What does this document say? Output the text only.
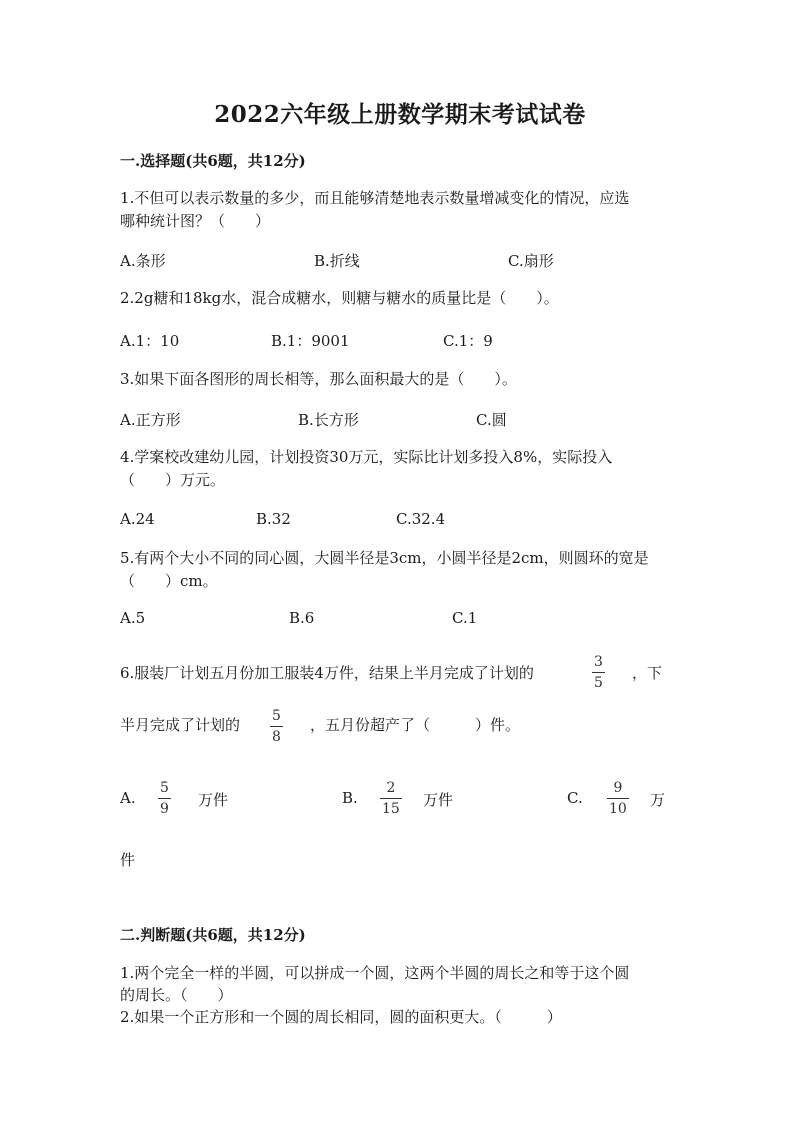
2022六年级上册数学期末考试试卷
一.选择题(共6题，共12分)
1.不但可以表示数量的多少，而且能够清楚地表示数量增减变化的情况，应选
哪种统计图？（　　）
A.条形	B.折线	C.扇形
2.2g糖和18kg水，混合成糖水，则糖与糖水的质量比是（　　）。
A.1：10	B.1：9001	C.1：9
3.如果下面各图形的周长相等，那么面积最大的是（　　）。
A.正方形	B.长方形	C.圆
4.学案校改建幼儿园，计划投资30万元，实际比计划多投入8%，实际投入
（　　）万元。
A.24	B.32	C.32.4
5.有两个大小不同的同心圆，大圆半径是3cm，小圆半径是2cm，则圆环的宽是
（　　）cm。
A.5	B.6	C.1
6.服装厂计划五月份加工服装4万件，结果上半月完成了计划的
3
5
，下
半月完成了计划的 5
8
，五月份超产了（　　　）件。
A.
5
9 万件	B.
2
15 万件	C.
9
10 万
件
二.判断题(共6题，共12分)
1.两个完全一样的半圆，可以拼成一个圆，这两个半圆的周长之和等于这个圆
的周长。（　　）
2.如果一个正方形和一个圆的周长相同，圆的面积更大。（　　　）
